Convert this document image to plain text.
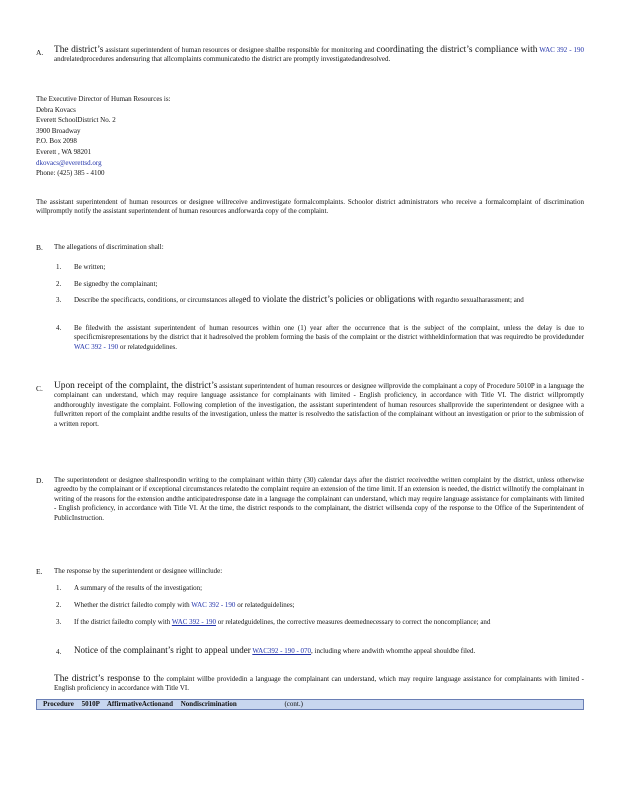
A. The district’s assistant superintendent of human resources or designee shallbe responsible for monitoring and coordinating the district’s compliance with WAC 392 - 190 andrelatedprocedures andensuring that allcomplaints communicatedto the district are promptly investigatedandresolved.
The Executive Director of Human Resources is:
Debra Kovacs
Everett SchoolDistrict No. 2
3900 Broadway
P.O. Box 2098
Everett , WA 98201
dkovacs@everettsd.org
Phone: (425) 385 - 4100
The assistant superintendent of human resources or designee willreceive andinvestigate formalcomplaints. Schoolor district administrators who receive a formalcomplaint of discrimination willpromptly notify the assistant superintendent of human resources andforwarda copy of the complaint.
B. The allegations of discrimination shall:
1. Be written;
2. Be signedby the complainant;
3. Describe the specificacts, conditions, or circumstances alleged to violate the district’s policies or obligations with regardto sexualharassment; and
4. Be filedwith the assistant superintendent of human resources within one (1) year after the occurrence that is the subject of the complaint, unless the delay is due to specificmisrepresentations by the district that it hadresolved the problem forming the basis of the complaint or the district withheldinformation that was requiredto be providedunder WAC 392 - 190 or relatedguidelines.
C. Upon receipt of the complaint, the district’s assistant superintendent of human resources or designee willprovide the complainant a copy of Procedure 5010P in a language the complainant can understand, which may require language assistance for complainants with limited - English proficiency, in accordance with Title VI. The district willpromptly andthoroughly investigate the complaint. Following completion of the investigation, the assistant superintendent of human resources shallprovide the superintendent or designee with a fullwritten report of the complaint andthe results of the investigation, unless the matter is resolvedto the satisfaction of the complainant without an investigation or prior to the submission of a written report.
D. The superintendent or designee shallrespondin writing to the complainant within thirty (30) calendar days after the district receivedthe written complaint by the district, unless otherwise agreedto by the complainant or if exceptional circumstances relatedto the complaint require an extension of the time limit. If an extension is needed, the district willnotify the complainant in writing of the reasons for the extension andthe anticipatedresponse date in a language the complainant can understand, which may require language assistance for complainants with limited - English proficiency, in accordance with Title VI. At the time, the district responds to the complainant, the district willsenda copy of the response to the Office of the Superintendent of PublicInstruction.
E. The response by the superintendent or designee willinclude:
1. A summary of the results of the investigation;
2. Whether the district failedto comply with WAC 392 - 190 or relatedguidelines;
3. If the district failedto comply with WAC 392 - 190 or relatedguidelines, the corrective measures deemednecessary to correct the noncompliance; and
4. Notice of the complainant’s right to appeal under WAC392 - 190 - 070, including where andwith whomthe appeal shouldbe filed.
The district’s response to the complaint willbe providedin a language the complainant can understand, which may require language assistance for complainants with limited - English proficiency in accordance with Title VI.
Procedure 5010P AffirmativeActionand Nondiscrimination	(cont.)
